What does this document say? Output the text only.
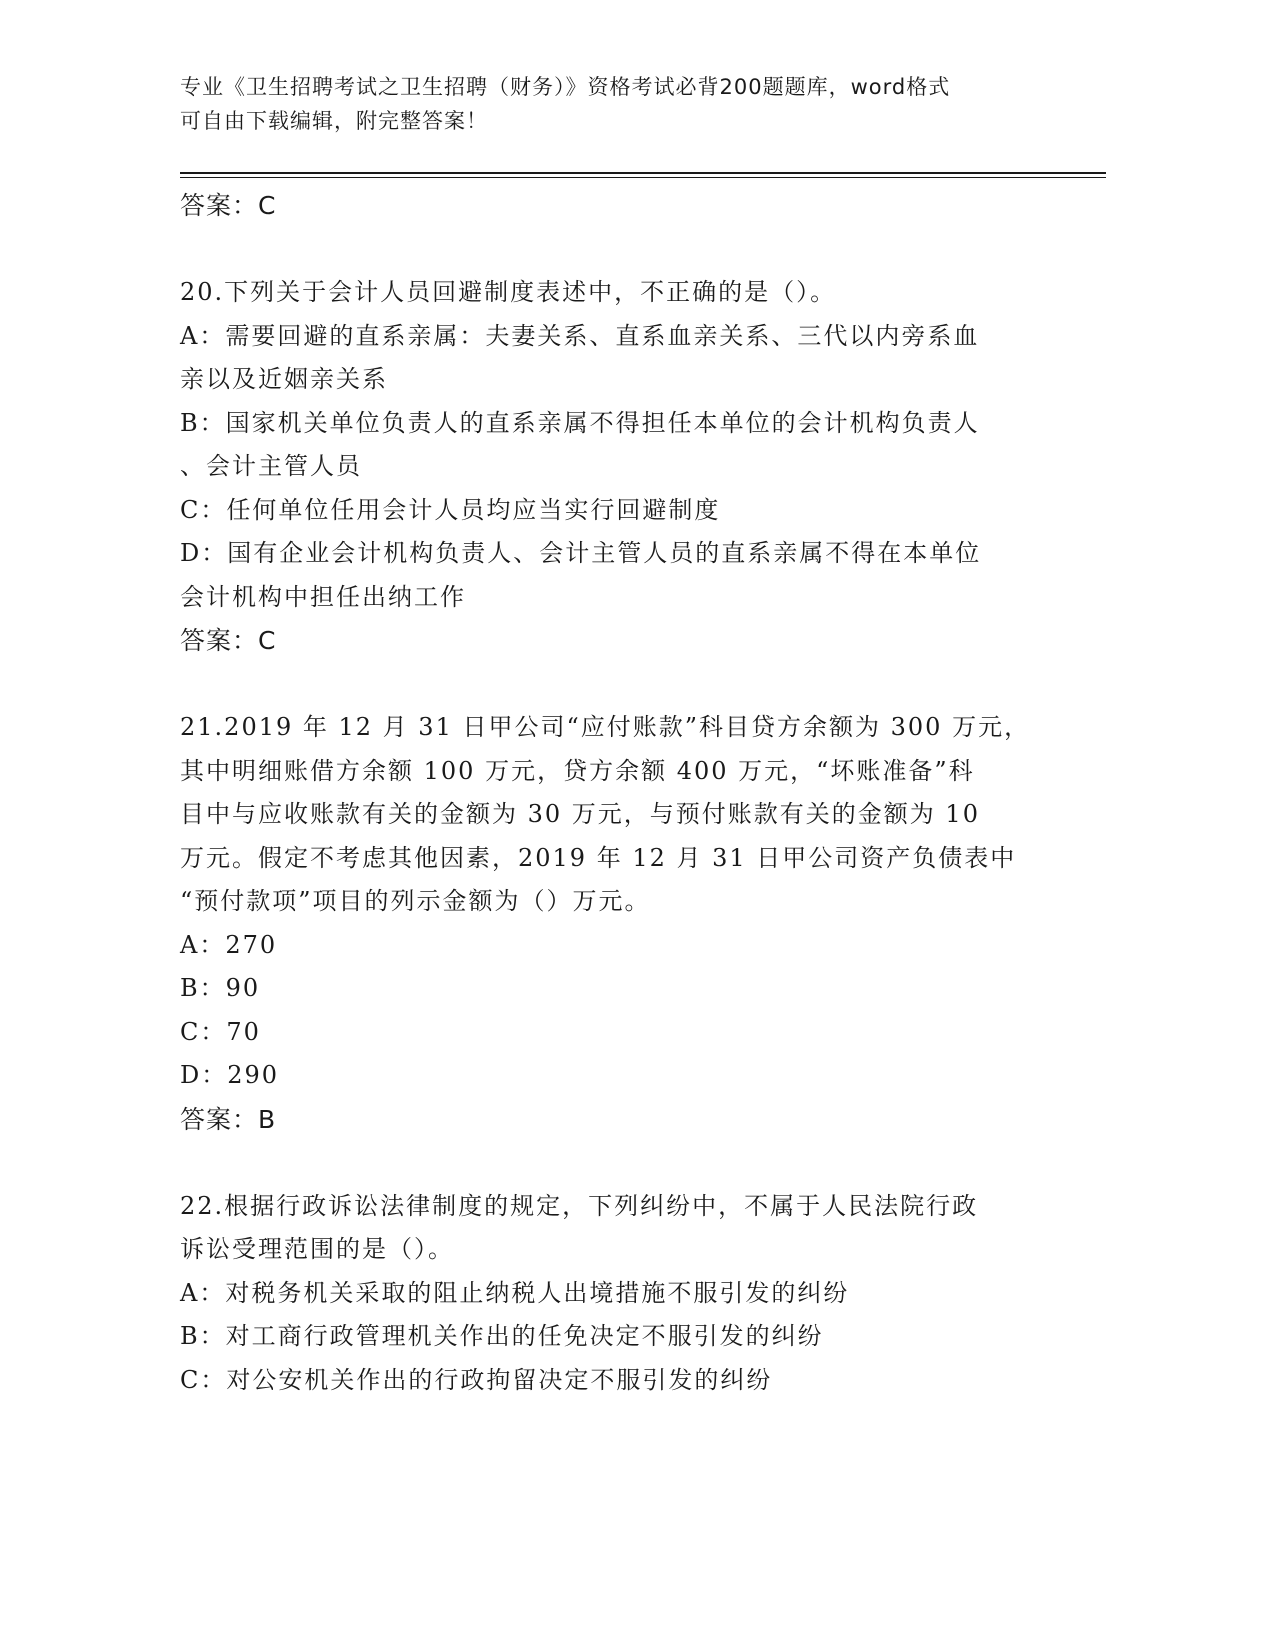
专业《卫生招聘考试之卫生招聘（财务）》资格考试必背200题题库，word格式
可自由下载编辑，附完整答案！
答案：C
20.下列关于会计人员回避制度表述中，不正确的是（）。
A：需要回避的直系亲属：夫妻关系、直系血亲关系、三代以内旁系血
亲以及近姻亲关系
B：国家机关单位负责人的直系亲属不得担任本单位的会计机构负责人
、会计主管人员
C：任何单位任用会计人员均应当实行回避制度
D：国有企业会计机构负责人、会计主管人员的直系亲属不得在本单位
会计机构中担任出纳工作
答案：C
21.2019 年 12 月 31 日甲公司“应付账款”科目贷方余额为 300 万元，
其中明细账借方余额 100 万元，贷方余额 400 万元，“坏账准备”科
目中与应收账款有关的金额为 30 万元，与预付账款有关的金额为 10
万元。假定不考虑其他因素，2019 年 12 月 31 日甲公司资产负债表中
“预付款项”项目的列示金额为（）万元。
A：270
B：90
C：70
D：290
答案：B
22.根据行政诉讼法律制度的规定，下列纠纷中，不属于人民法院行政
诉讼受理范围的是（）。
A：对税务机关采取的阻止纳税人出境措施不服引发的纠纷
B：对工商行政管理机关作出的任免决定不服引发的纠纷
C：对公安机关作出的行政拘留决定不服引发的纠纷
